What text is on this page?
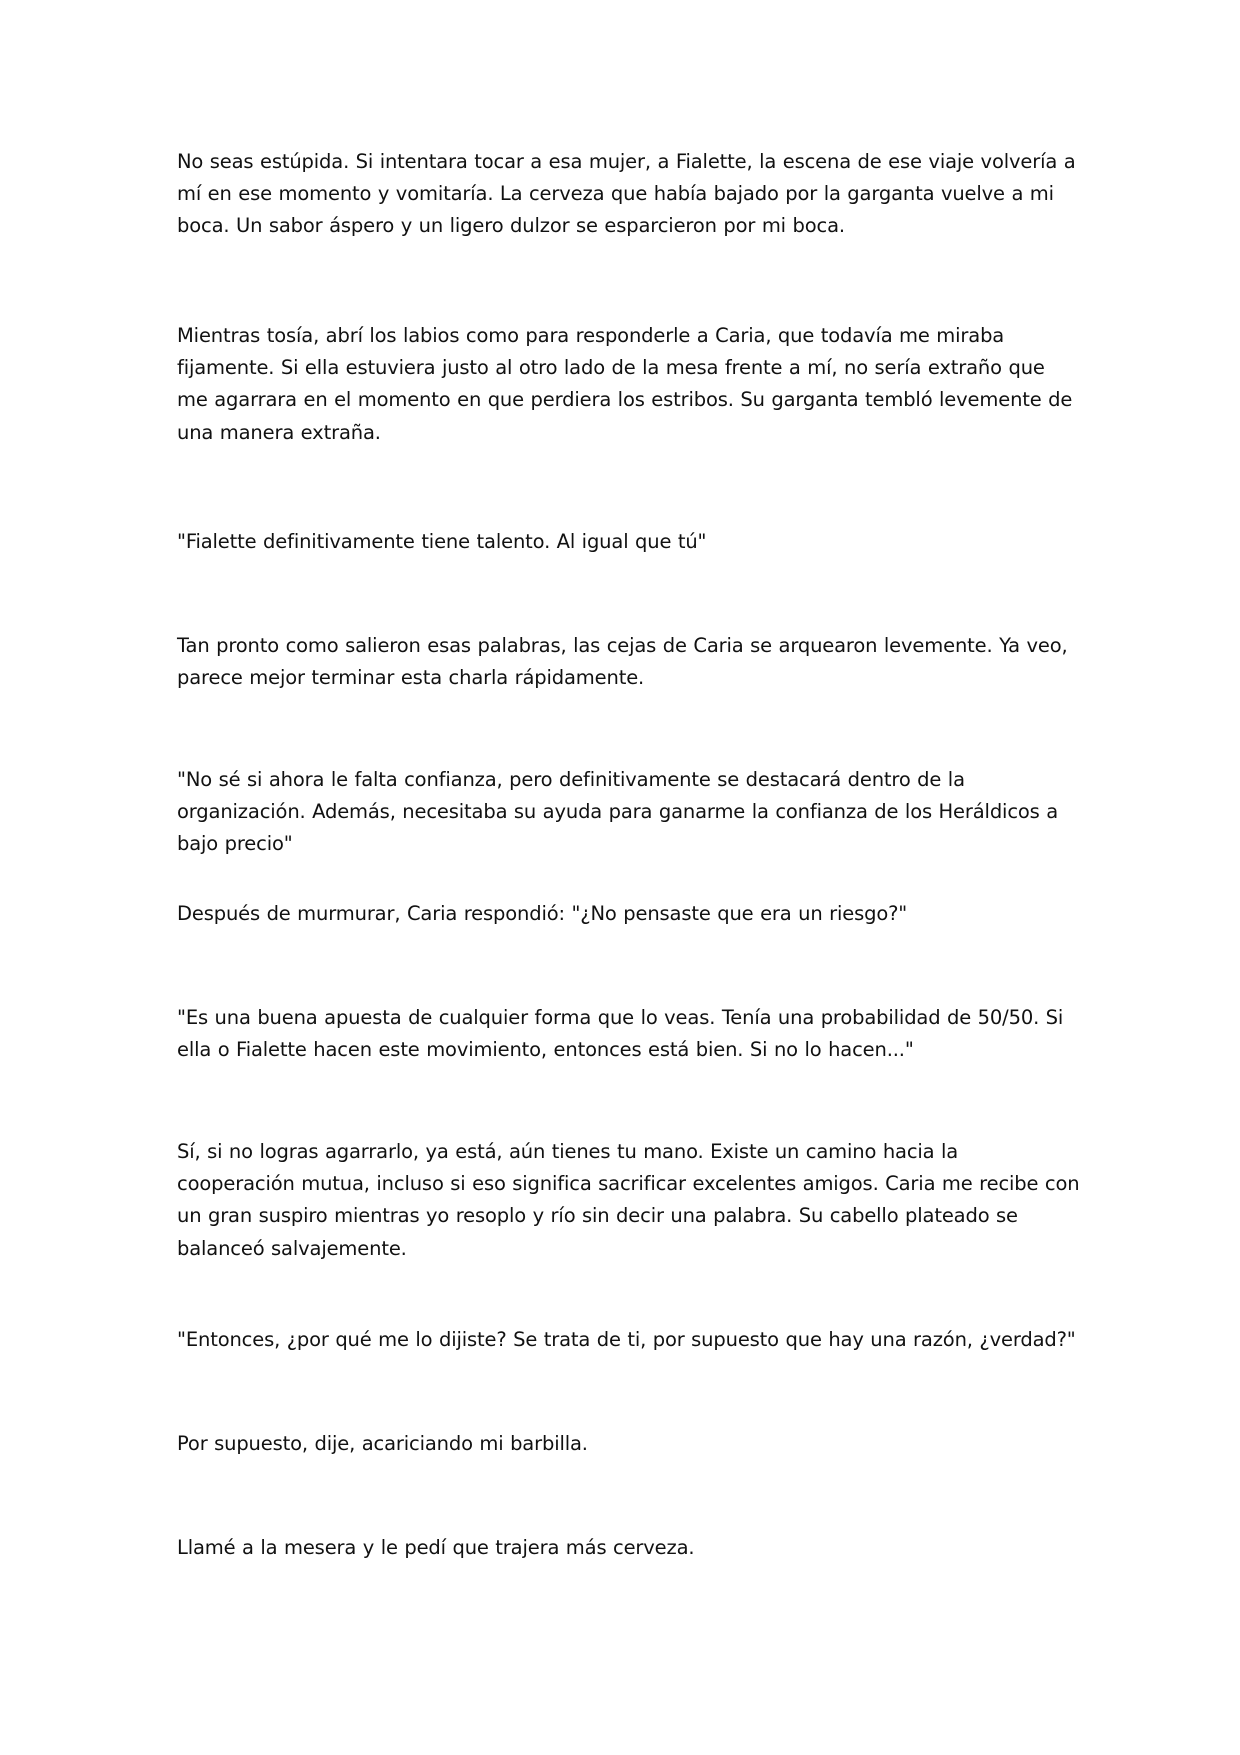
No seas estúpida. Si intentara tocar a esa mujer, a Fialette, la escena de ese viaje volvería a mí en ese momento y vomitaría. La cerveza que había bajado por la garganta vuelve a mi boca. Un sabor áspero y un ligero dulzor se esparcieron por mi boca.

Mientras tosía, abrí los labios como para responderle a Caria, que todavía me miraba fijamente. Si ella estuviera justo al otro lado de la mesa frente a mí, no sería extraño que me agarrara en el momento en que perdiera los estribos. Su garganta tembló levemente de una manera extraña.

"Fialette definitivamente tiene talento. Al igual que tú"

Tan pronto como salieron esas palabras, las cejas de Caria se arquearon levemente. Ya veo, parece mejor terminar esta charla rápidamente.

"No sé si ahora le falta confianza, pero definitivamente se destacará dentro de la organización. Además, necesitaba su ayuda para ganarme la confianza de los Heráldicos a bajo precio"

Después de murmurar, Caria respondió: "¿No pensaste que era un riesgo?"

"Es una buena apuesta de cualquier forma que lo veas. Tenía una probabilidad de 50/50. Si ella o Fialette hacen este movimiento, entonces está bien. Si no lo hacen..."

Sí, si no logras agarrarlo, ya está, aún tienes tu mano. Existe un camino hacia la cooperación mutua, incluso si eso significa sacrificar excelentes amigos. Caria me recibe con un gran suspiro mientras yo resoplo y río sin decir una palabra. Su cabello plateado se balanceó salvajemente.

"Entonces, ¿por qué me lo dijiste? Se trata de ti, por supuesto que hay una razón, ¿verdad?"

Por supuesto, dije, acariciando mi barbilla.

Llamé a la mesera y le pedí que trajera más cerveza.
